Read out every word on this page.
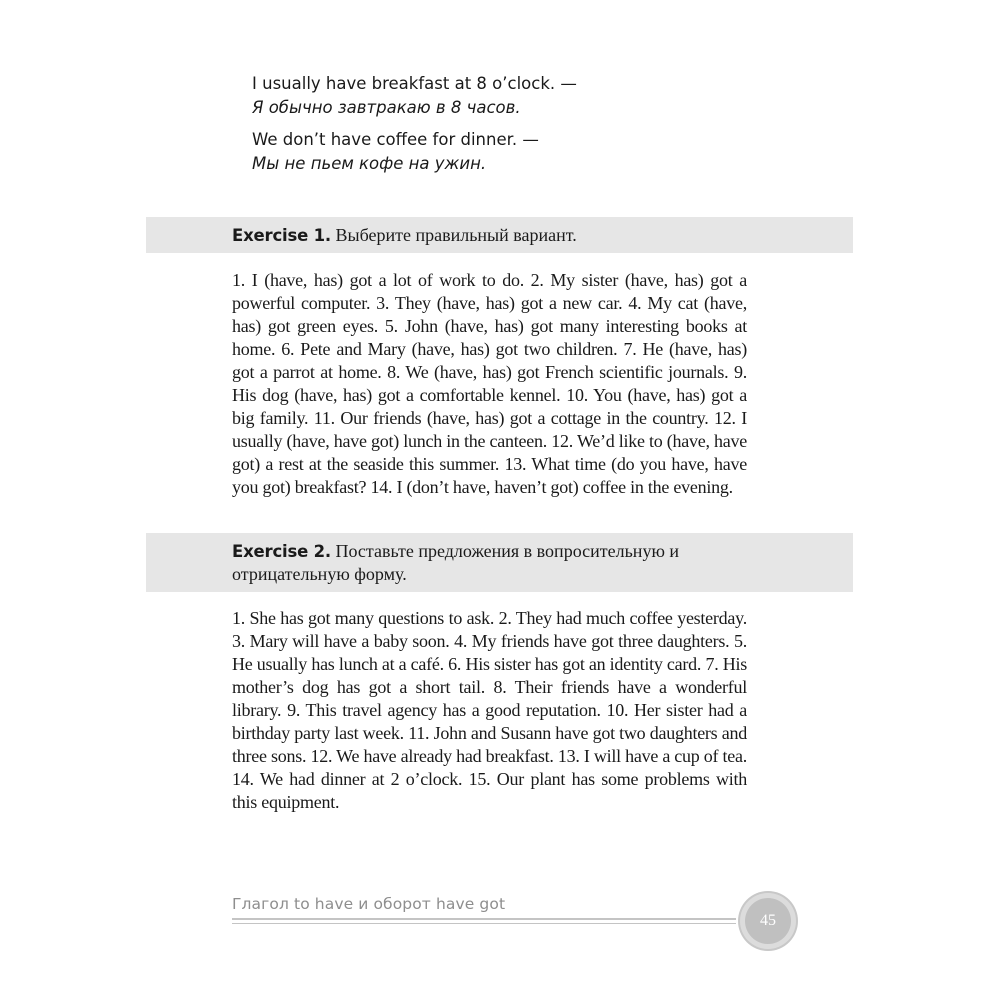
I usually have breakfast at 8 o’clock. —
Я обычно завтракаю в 8 часов.
We don’t have coffee for dinner. —
Мы не пьем кофе на ужин.
Exercise 1. Выберите правильный вариант.
1. I (have, has) got a lot of work to do. 2. My sister (have, has) got a powerful computer. 3. They (have, has) got a new car. 4. My cat (have, has) got green eyes. 5. John (have, has) got many interesting books at home. 6. Pete and Mary (have, has) got two children. 7. He (have, has) got a parrot at home. 8. We (have, has) got French scientific journals. 9. His dog (have, has) got a comfortable kennel. 10. You (have, has) got a big family. 11. Our friends (have, has) got a cottage in the country. 12. I usually (have, have got) lunch in the canteen. 12. We’d like to (have, have got) a rest at the seaside this summer. 13. What time (do you have, have you got) breakfast? 14. I (don’t have, haven’t got) coffee in the evening.
Exercise 2. Поставьте предложения в вопросительную и отрицательную форму.
1. She has got many questions to ask. 2. They had much coffee yesterday. 3. Mary will have a baby soon. 4. My friends have got three daughters. 5. He usually has lunch at a café. 6. His sister has got an identity card. 7. His mother’s dog has got a short tail. 8. Their friends have a wonderful library. 9. This travel agency has a good reputation. 10. Her sister had a birthday party last week. 11. John and Susann have got two daughters and three sons. 12. We have already had breakfast. 13. I will have a cup of tea. 14. We had dinner at 2 o’clock. 15. Our plant has some problems with this equipment.
Глагол to have и оборот have got
45
